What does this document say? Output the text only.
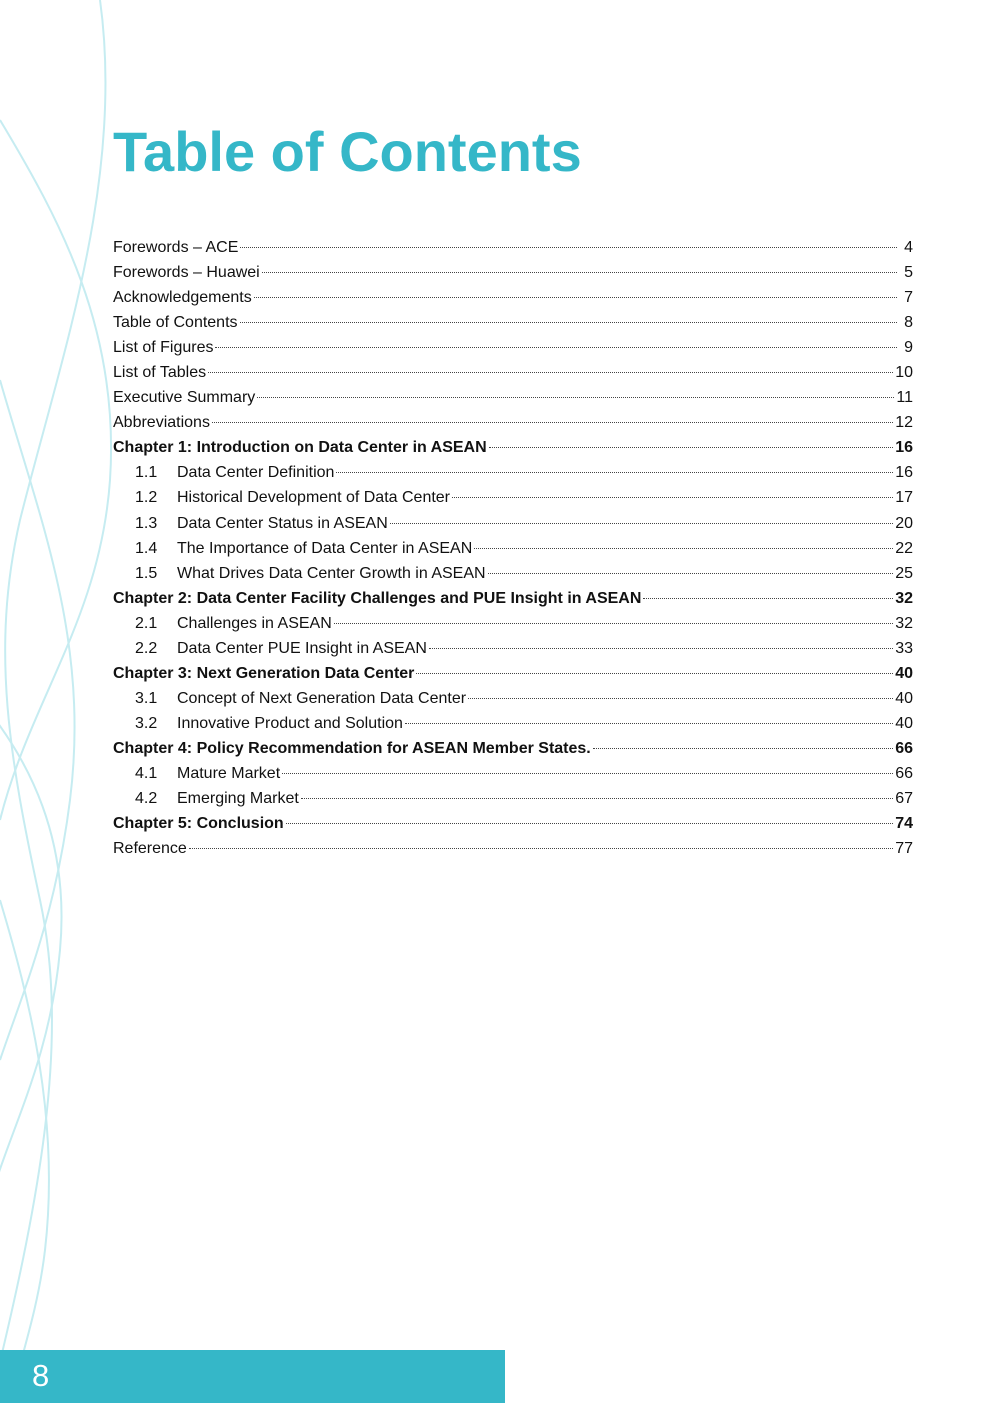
Table of Contents
Forewords – ACE	4
Forewords – Huawei	5
Acknowledgements	7
Table of Contents	8
List of Figures	9
List of Tables	10
Executive Summary	11
Abbreviations	12
Chapter 1: Introduction on Data Center in ASEAN	16
1.1	Data Center Definition	16
1.2	Historical Development of Data Center	17
1.3	Data Center Status in ASEAN	20
1.4	The Importance of Data Center in ASEAN	22
1.5	What Drives Data Center Growth in ASEAN	25
Chapter 2: Data Center Facility Challenges and PUE Insight in ASEAN	32
2.1	Challenges in ASEAN	32
2.2	Data Center PUE Insight in ASEAN	33
Chapter 3: Next Generation Data Center	40
3.1	Concept of Next Generation Data Center	40
3.2	Innovative Product and Solution	40
Chapter 4: Policy Recommendation for ASEAN Member States.	66
4.1	Mature Market	66
4.2	Emerging Market	67
Chapter 5: Conclusion	74
Reference	77
8
